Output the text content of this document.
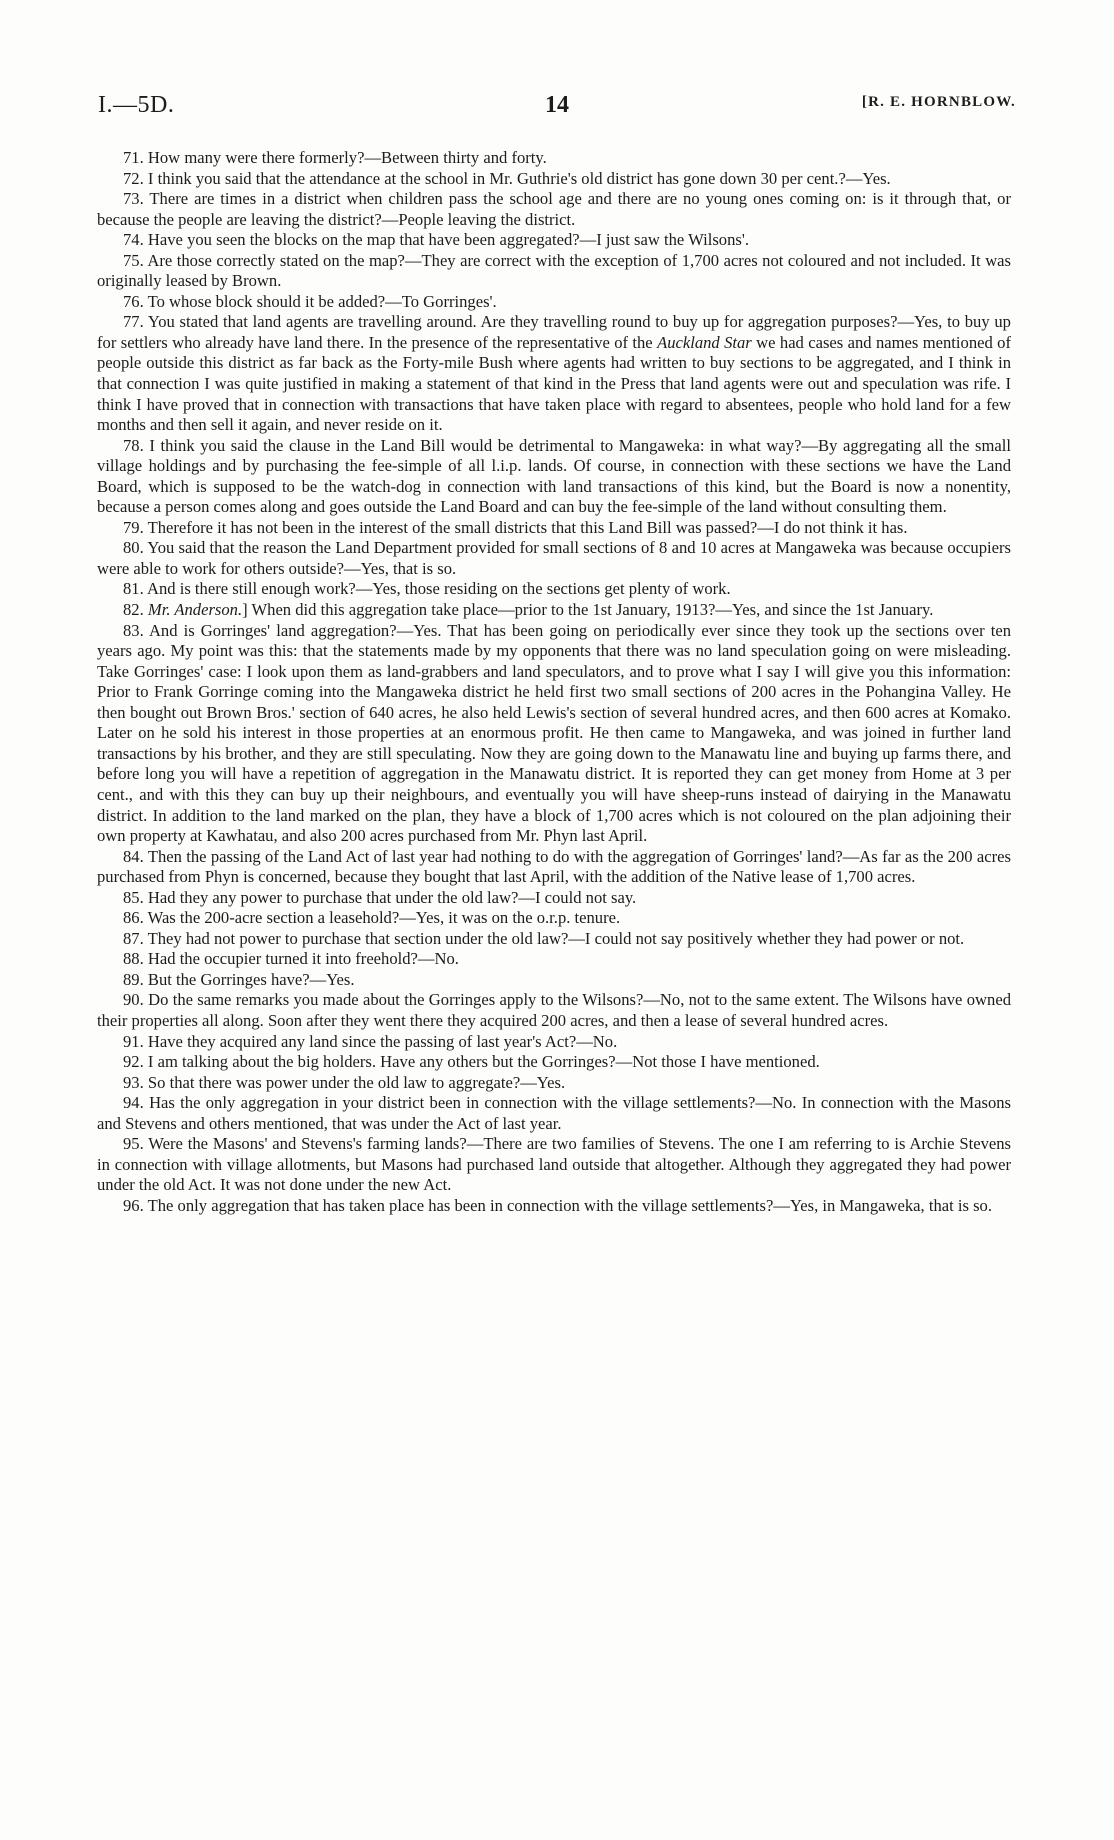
I.—5D.	14	[R. E. HORNBLOW.

71. How many were there formerly?—Between thirty and forty.

72. I think you said that the attendance at the school in Mr. Guthrie's old district has gone down 30 per cent.?—Yes.

73. There are times in a district when children pass the school age and there are no young ones coming on: is it through that, or because the people are leaving the district?—People leaving the district.

74. Have you seen the blocks on the map that have been aggregated?—I just saw the Wilsons'.

75. Are those correctly stated on the map?—They are correct with the exception of 1,700 acres not coloured and not included. It was originally leased by Brown.

76. To whose block should it be added?—To Gorringes'.

77. You stated that land agents are travelling around. Are they travelling round to buy up for aggregation purposes?—Yes, to buy up for settlers who already have land there. In the presence of the representative of the Auckland Star we had cases and names mentioned of people outside this district as far back as the Forty-mile Bush where agents had written to buy sections to be aggregated, and I think in that connection I was quite justified in making a statement of that kind in the Press that land agents were out and speculation was rife. I think I have proved that in connection with transactions that have taken place with regard to absentees, people who hold land for a few months and then sell it again, and never reside on it.

78. I think you said the clause in the Land Bill would be detrimental to Mangaweka: in what way?—By aggregating all the small village holdings and by purchasing the fee-simple of all l.i.p. lands. Of course, in connection with these sections we have the Land Board, which is supposed to be the watch-dog in connection with land transactions of this kind, but the Board is now a nonentity, because a person comes along and goes outside the Land Board and can buy the fee-simple of the land without consulting them.

79. Therefore it has not been in the interest of the small districts that this Land Bill was passed?—I do not think it has.

80. You said that the reason the Land Department provided for small sections of 8 and 10 acres at Mangaweka was because occupiers were able to work for others outside?—Yes, that is so.

81. And is there still enough work?—Yes, those residing on the sections get plenty of work.

82. Mr. Anderson.] When did this aggregation take place—prior to the 1st January, 1913?—Yes, and since the 1st January.

83. And is Gorringes' land aggregation?—Yes. That has been going on periodically ever since they took up the sections over ten years ago. My point was this: that the statements made by my opponents that there was no land speculation going on were misleading. Take Gorringes' case: I look upon them as land-grabbers and land speculators, and to prove what I say I will give you this information: Prior to Frank Gorringe coming into the Mangaweka district he held first two small sections of 200 acres in the Pohangina Valley. He then bought out Brown Bros.' section of 640 acres, he also held Lewis's section of several hundred acres, and then 600 acres at Komako. Later on he sold his interest in those properties at an enormous profit. He then came to Mangaweka, and was joined in further land transactions by his brother, and they are still speculating. Now they are going down to the Manawatu line and buying up farms there, and before long you will have a repetition of aggregation in the Manawatu district. It is reported they can get money from Home at 3 per cent., and with this they can buy up their neighbours, and eventually you will have sheep-runs instead of dairying in the Manawatu district. In addition to the land marked on the plan, they have a block of 1,700 acres which is not coloured on the plan adjoining their own property at Kawhatau, and also 200 acres purchased from Mr. Phyn last April.

84. Then the passing of the Land Act of last year had nothing to do with the aggregation of Gorringes' land?—As far as the 200 acres purchased from Phyn is concerned, because they bought that last April, with the addition of the Native lease of 1,700 acres.

85. Had they any power to purchase that under the old law?—I could not say.

86. Was the 200-acre section a leasehold?—Yes, it was on the o.r.p. tenure.

87. They had not power to purchase that section under the old law?—I could not say positively whether they had power or not.

88. Had the occupier turned it into freehold?—No.

89. But the Gorringes have?—Yes.

90. Do the same remarks you made about the Gorringes apply to the Wilsons?—No, not to the same extent. The Wilsons have owned their properties all along. Soon after they went there they acquired 200 acres, and then a lease of several hundred acres.

91. Have they acquired any land since the passing of last year's Act?—No.

92. I am talking about the big holders. Have any others but the Gorringes?—Not those I have mentioned.

93. So that there was power under the old law to aggregate?—Yes.

94. Has the only aggregation in your district been in connection with the village settlements?—No. In connection with the Masons and Stevens and others mentioned, that was under the Act of last year.

95. Were the Masons' and Stevens's farming lands?—There are two families of Stevens. The one I am referring to is Archie Stevens in connection with village allotments, but Masons had purchased land outside that altogether. Although they aggregated they had power under the old Act. It was not done under the new Act.

96. The only aggregation that has taken place has been in connection with the village settlements?—Yes, in Mangaweka, that is so.
